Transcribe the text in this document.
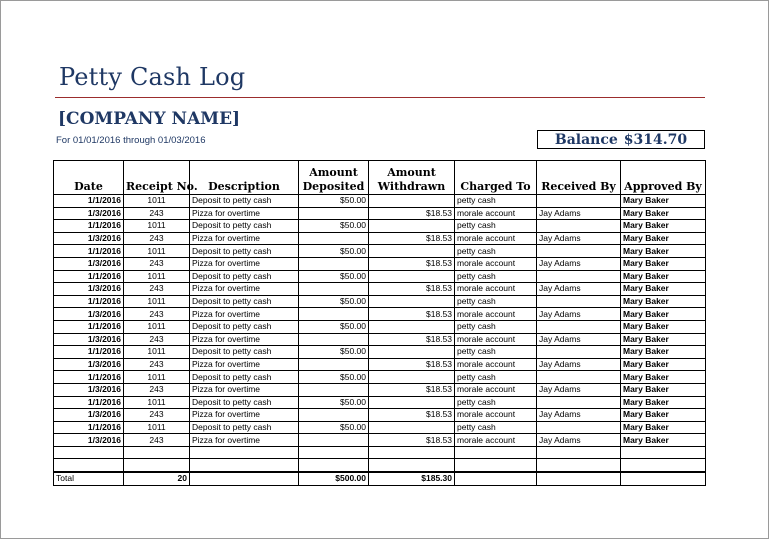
Petty Cash Log
[COMPANY NAME]
For 01/01/2016 through 01/03/2016	Balance $314.70
Date	Receipt No.	Description	Amount Deposited	Amount Withdrawn	Charged To	Received By	Approved By
1/1/2016	1011	Deposit to petty cash	$50.00		petty cash		Mary Baker
1/3/2016	243	Pizza for overtime		$18.53	morale account	Jay Adams	Mary Baker
1/1/2016	1011	Deposit to petty cash	$50.00		petty cash		Mary Baker
1/3/2016	243	Pizza for overtime		$18.53	morale account	Jay Adams	Mary Baker
1/1/2016	1011	Deposit to petty cash	$50.00		petty cash		Mary Baker
1/3/2016	243	Pizza for overtime		$18.53	morale account	Jay Adams	Mary Baker
1/1/2016	1011	Deposit to petty cash	$50.00		petty cash		Mary Baker
1/3/2016	243	Pizza for overtime		$18.53	morale account	Jay Adams	Mary Baker
1/1/2016	1011	Deposit to petty cash	$50.00		petty cash		Mary Baker
1/3/2016	243	Pizza for overtime		$18.53	morale account	Jay Adams	Mary Baker
1/1/2016	1011	Deposit to petty cash	$50.00		petty cash		Mary Baker
1/3/2016	243	Pizza for overtime		$18.53	morale account	Jay Adams	Mary Baker
1/1/2016	1011	Deposit to petty cash	$50.00		petty cash		Mary Baker
1/3/2016	243	Pizza for overtime		$18.53	morale account	Jay Adams	Mary Baker
1/1/2016	1011	Deposit to petty cash	$50.00		petty cash		Mary Baker
1/3/2016	243	Pizza for overtime		$18.53	morale account	Jay Adams	Mary Baker
1/1/2016	1011	Deposit to petty cash	$50.00		petty cash		Mary Baker
1/3/2016	243	Pizza for overtime		$18.53	morale account	Jay Adams	Mary Baker
1/1/2016	1011	Deposit to petty cash	$50.00		petty cash		Mary Baker
1/3/2016	243	Pizza for overtime		$18.53	morale account	Jay Adams	Mary Baker

Total	20		$500.00	$185.30			
